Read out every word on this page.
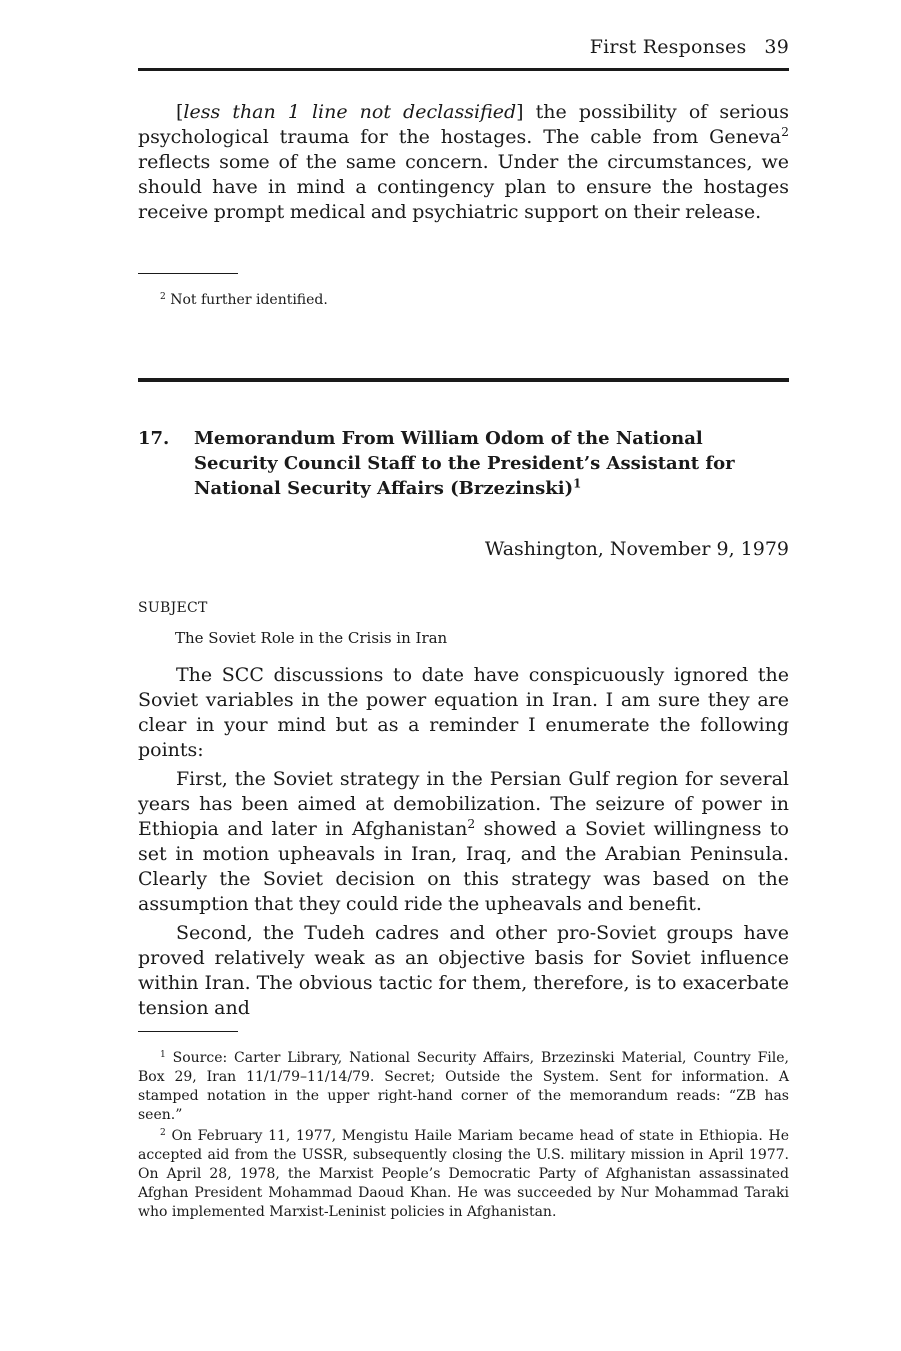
First Responses 39

[less than 1 line not declassified] the possibility of serious psychological trauma for the hostages. The cable from Geneva$^2$ reflects some of the same concern. Under the circumstances, we should have in mind a contingency plan to ensure the hostages receive prompt medical and psychiatric support on their release.

$^2$ Not further identified.

17.	Memorandum From William Odom of the National Security Council Staff to the President’s Assistant for National Security Affairs (Brzezinski)$^1$
Washington, November 9, 1979
SUBJECT
The Soviet Role in the Crisis in Iran

The SCC discussions to date have conspicuously ignored the Soviet variables in the power equation in Iran. I am sure they are clear in your mind but as a reminder I enumerate the following points:

First, the Soviet strategy in the Persian Gulf region for several years has been aimed at demobilization. The seizure of power in Ethiopia and later in Afghanistan$^2$ showed a Soviet willingness to set in motion upheavals in Iran, Iraq, and the Arabian Peninsula. Clearly the Soviet decision on this strategy was based on the assumption that they could ride the upheavals and benefit.

Second, the Tudeh cadres and other pro-Soviet groups have proved relatively weak as an objective basis for Soviet influence within Iran. The obvious tactic for them, therefore, is to exacerbate tension and

$^1$ Source: Carter Library, National Security Affairs, Brzezinski Material, Country File, Box 29, Iran 11/1/79–11/14/79. Secret; Outside the System. Sent for information. A stamped notation in the upper right-hand corner of the memorandum reads: “ZB has seen.”

$^2$ On February 11, 1977, Mengistu Haile Mariam became head of state in Ethiopia. He accepted aid from the USSR, subsequently closing the U.S. military mission in April 1977. On April 28, 1978, the Marxist People’s Democratic Party of Afghanistan assassinated Afghan President Mohammad Daoud Khan. He was succeeded by Nur Mohammad Taraki who implemented Marxist-Leninist policies in Afghanistan.
